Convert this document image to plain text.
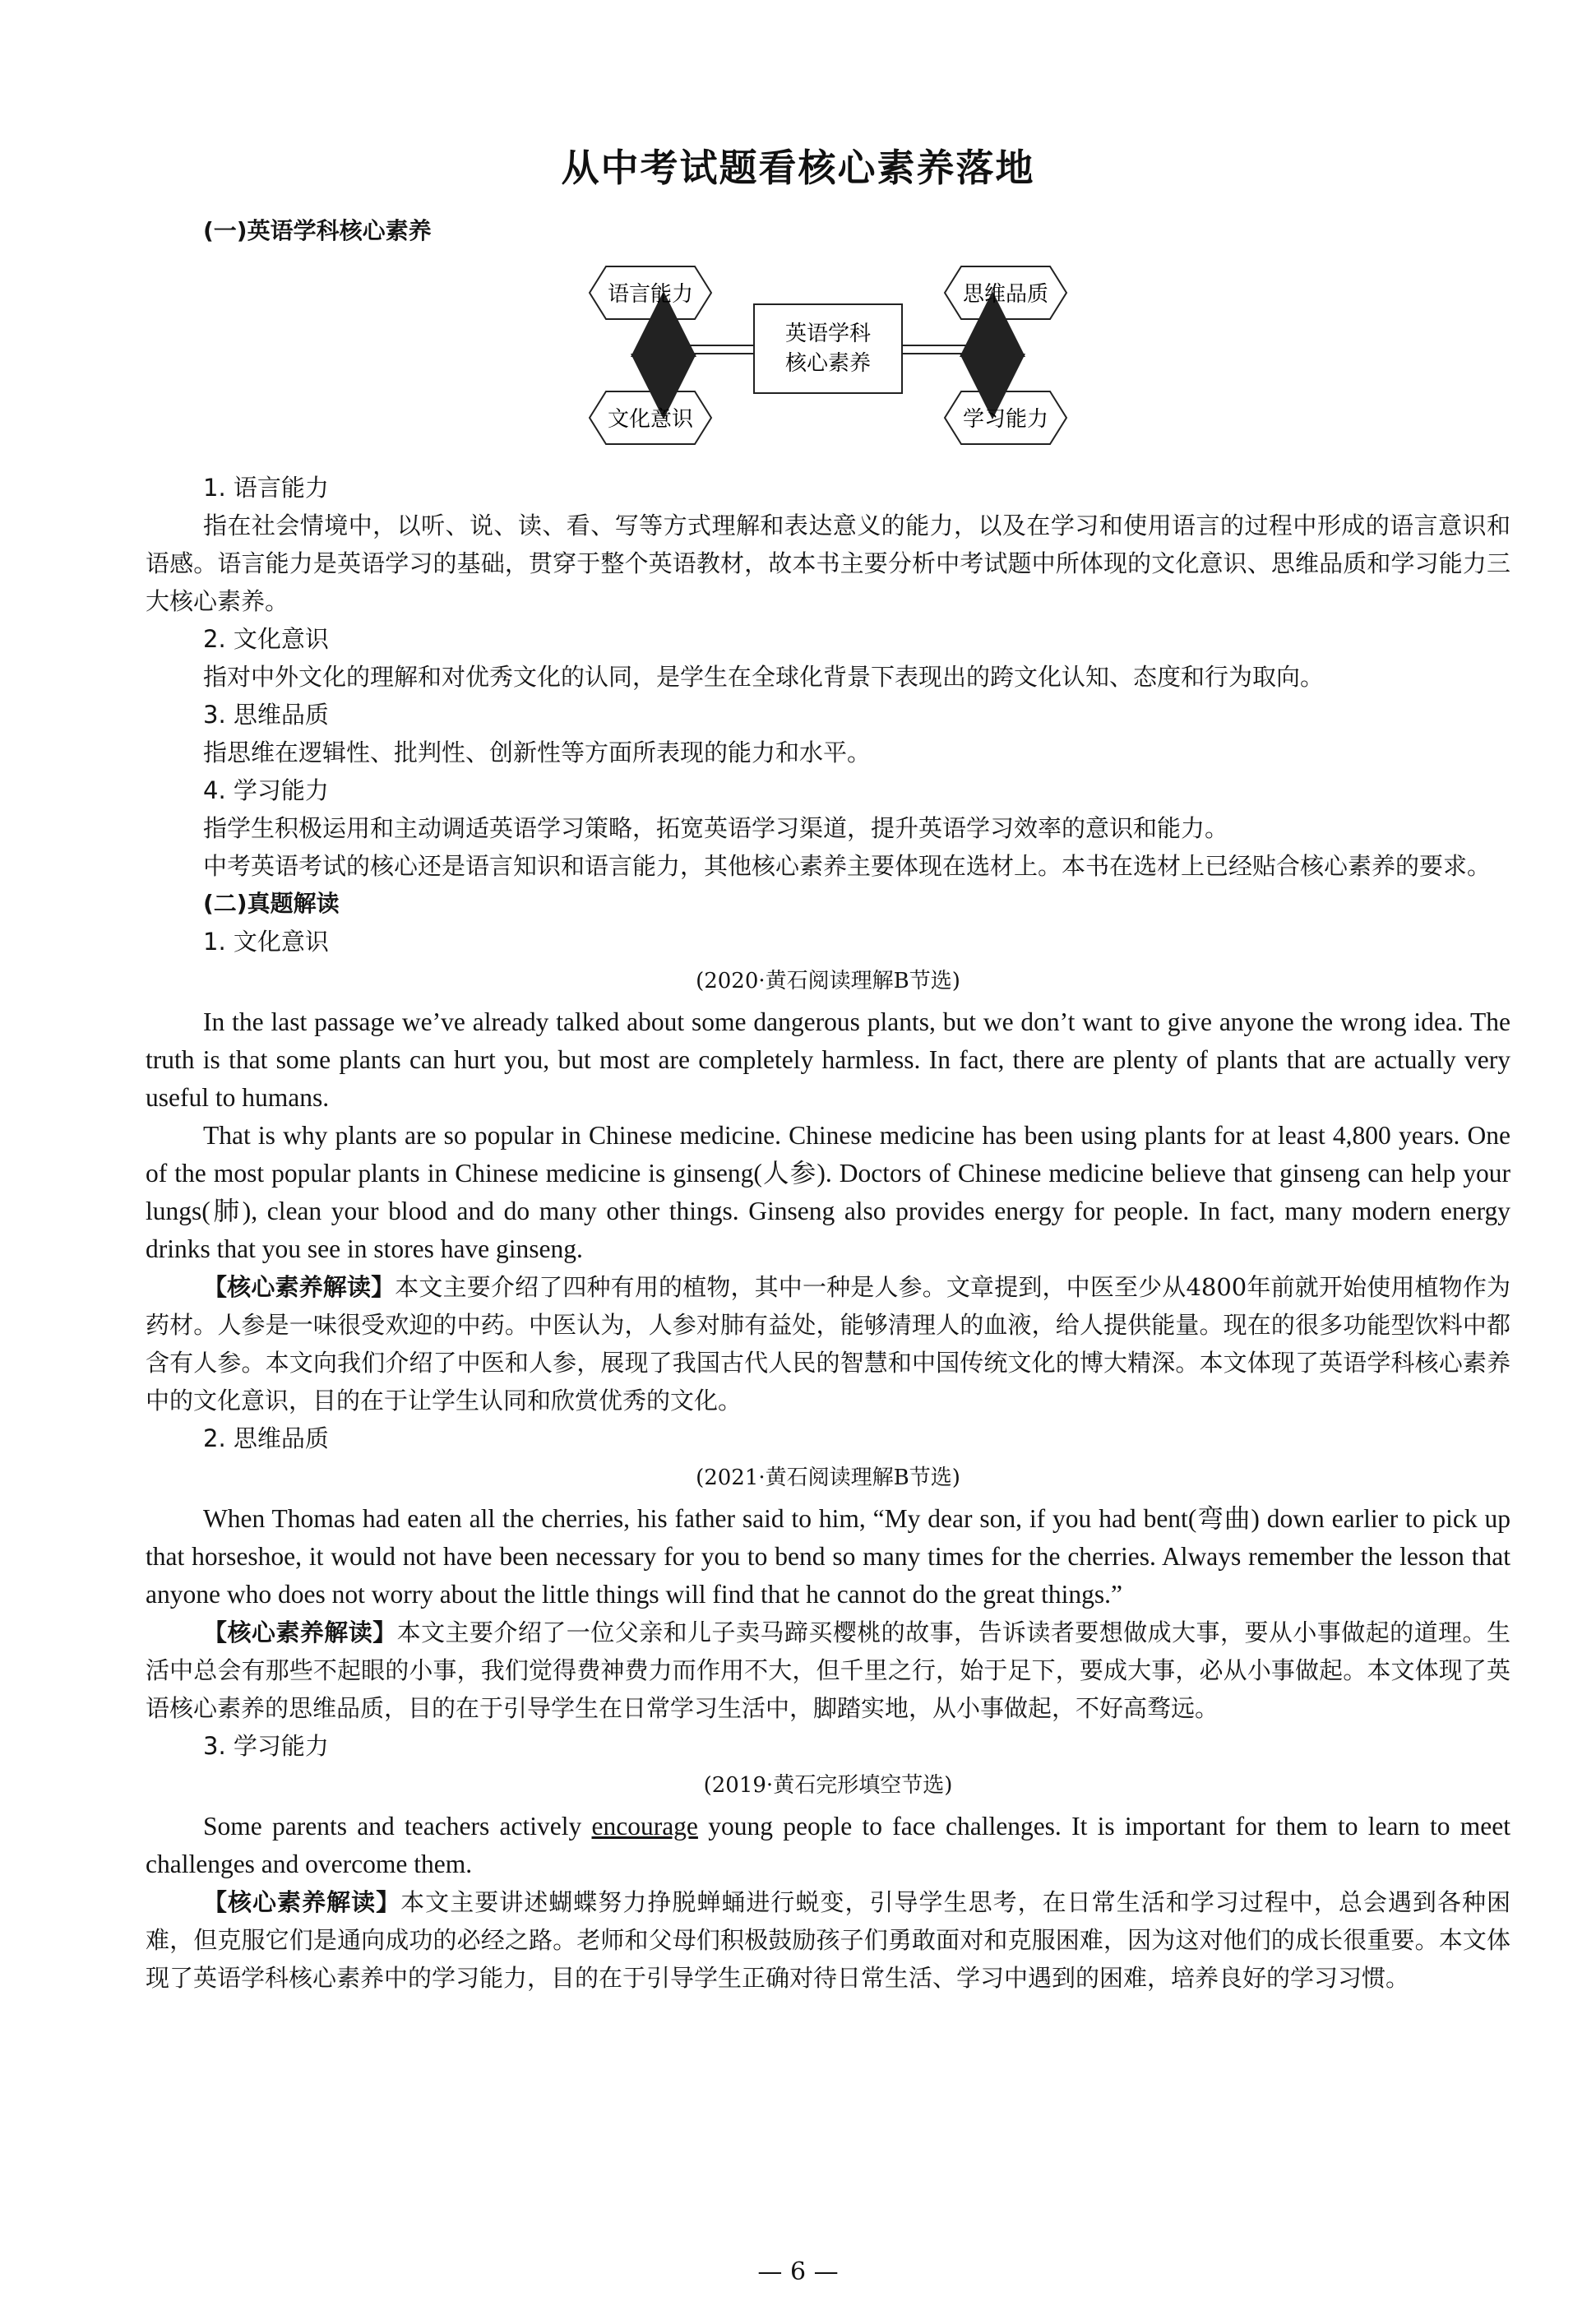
从中考试题看核心素养落地
(一)英语学科核心素养
语言能力	思维品质
文化意识	学习能力
英语学科
核心素养
1. 语言能力

指在社会情境中，以听、说、读、看、写等方式理解和表达意义的能力，以及在学习和使用语言的过程中形成的语言意识和语感。语言能力是英语学习的基础，贯穿于整个英语教材，故本书主要分析中考试题中所体现的文化意识、思维品质和学习能力三大核心素养。

2. 文化意识

指对中外文化的理解和对优秀文化的认同，是学生在全球化背景下表现出的跨文化认知、态度和行为取向。

3. 思维品质

指思维在逻辑性、批判性、创新性等方面所表现的能力和水平。

4. 学习能力

指学生积极运用和主动调适英语学习策略，拓宽英语学习渠道，提升英语学习效率的意识和能力。

中考英语考试的核心还是语言知识和语言能力，其他核心素养主要体现在选材上。本书在选材上已经贴合核心素养的要求。

(二)真题解读
1. 文化意识
(2020·黄石阅读理解B节选)

In the last passage we’ve already talked about some dangerous plants, but we don’t want to give anyone the wrong idea. The truth is that some plants can hurt you, but most are completely harmless. In fact, there are plenty of plants that are actually very useful to humans.

That is why plants are so popular in Chinese medicine. Chinese medicine has been using plants for at least 4,800 years. One of the most popular plants in Chinese medicine is ginseng(人参). Doctors of Chinese medicine believe that ginseng can help your lungs(肺), clean your blood and do many other things. Ginseng also provides energy for people. In fact, many modern energy drinks that you see in stores have ginseng.

【核心素养解读】本文主要介绍了四种有用的植物，其中一种是人参。文章提到，中医至少从4800年前就开始使用植物作为药材。人参是一味很受欢迎的中药。中医认为，人参对肺有益处，能够清理人的血液，给人提供能量。现在的很多功能型饮料中都含有人参。本文向我们介绍了中医和人参，展现了我国古代人民的智慧和中国传统文化的博大精深。本文体现了英语学科核心素养中的文化意识，目的在于让学生认同和欣赏优秀的文化。

2. 思维品质
(2021·黄石阅读理解B节选)

When Thomas had eaten all the cherries, his father said to him, “My dear son, if you had bent(弯曲) down earlier to pick up that horseshoe, it would not have been necessary for you to bend so many times for the cherries. Always remember the lesson that anyone who does not worry about the little things will find that he cannot do the great things.”

【核心素养解读】本文主要介绍了一位父亲和儿子卖马蹄买樱桃的故事，告诉读者要想做成大事，要从小事做起的道理。生活中总会有那些不起眼的小事，我们觉得费神费力而作用不大，但千里之行，始于足下，要成大事，必从小事做起。本文体现了英语核心素养的思维品质，目的在于引导学生在日常学习生活中，脚踏实地，从小事做起，不好高骛远。

3. 学习能力
(2019·黄石完形填空节选)

Some parents and teachers actively encourage young people to face challenges. It is important for them to learn to meet challenges and overcome them.

【核心素养解读】本文主要讲述蝴蝶努力挣脱蝉蛹进行蜕变，引导学生思考，在日常生活和学习过程中，总会遇到各种困难，但克服它们是通向成功的必经之路。老师和父母们积极鼓励孩子们勇敢面对和克服困难，因为这对他们的成长很重要。本文体现了英语学科核心素养中的学习能力，目的在于引导学生正确对待日常生活、学习中遇到的困难，培养良好的学习习惯。

— 6 —
